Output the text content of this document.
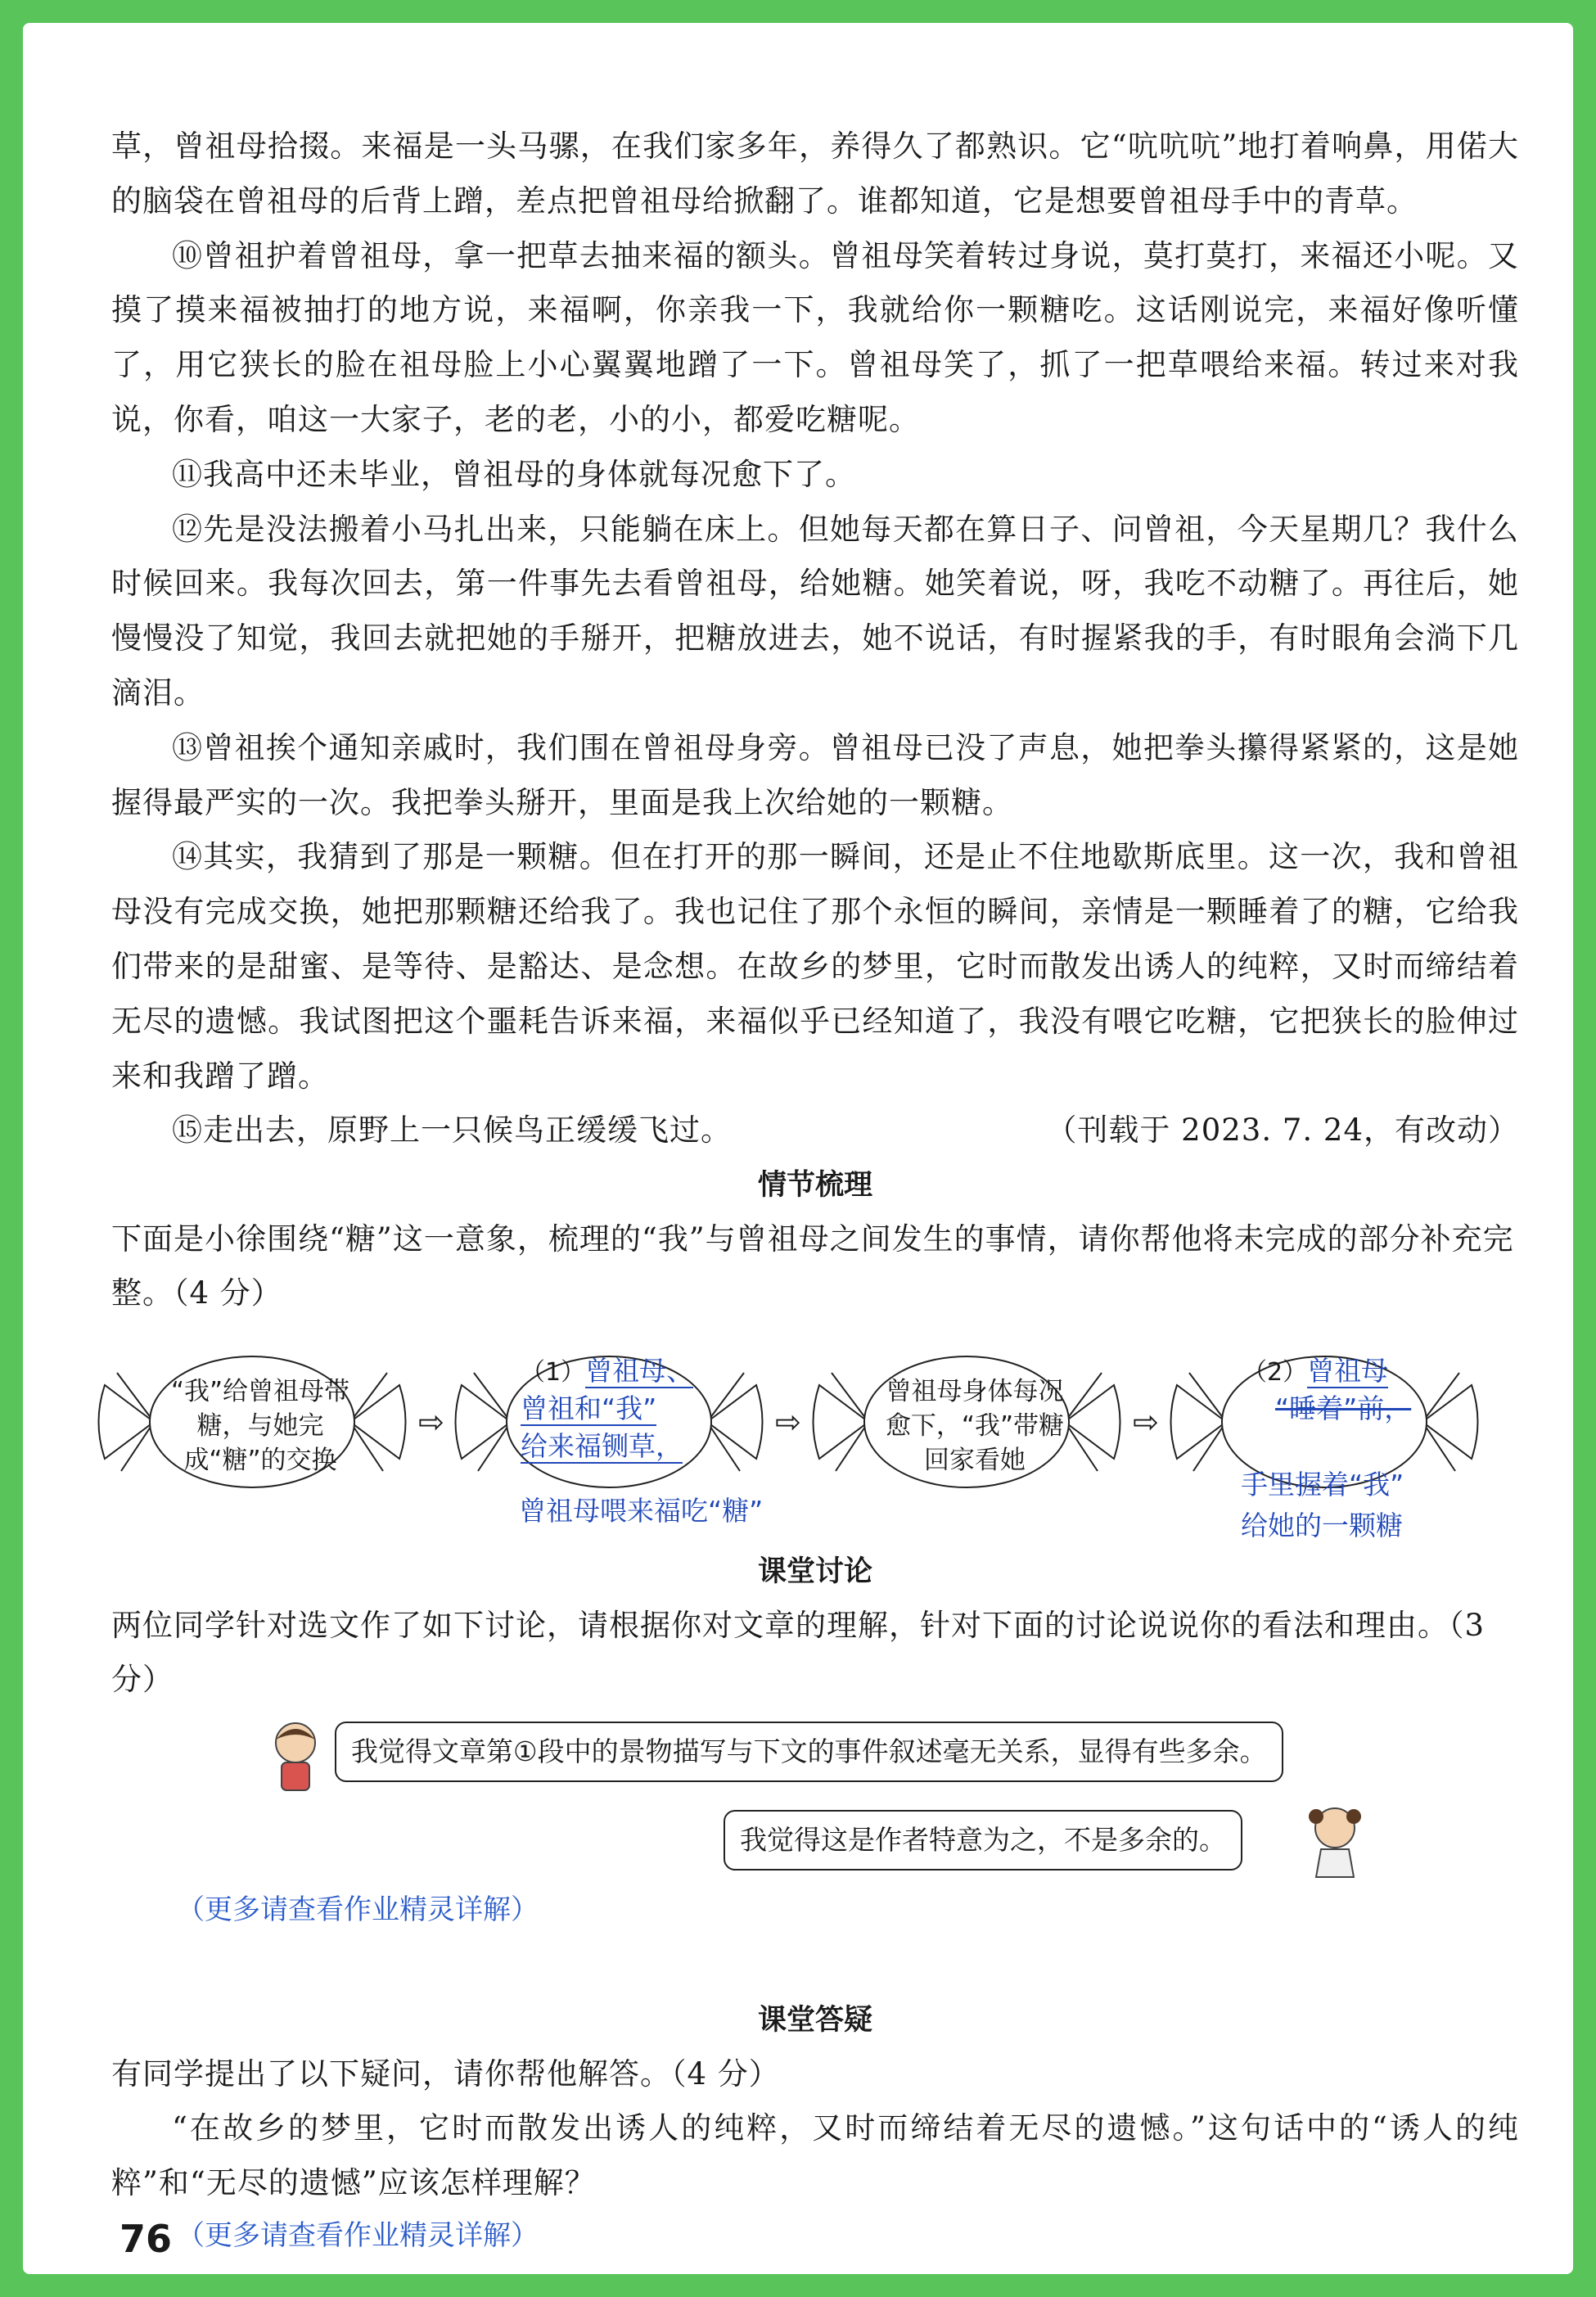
草，曾祖母拾掇。来福是一头马骡，在我们家多年，养得久了都熟识。它“吭吭吭”地打着响鼻，用偌大的脑袋在曾祖母的后背上蹭，差点把曾祖母给掀翻了。谁都知道，它是想要曾祖母手中的青草。

⑩曾祖护着曾祖母，拿一把草去抽来福的额头。曾祖母笑着转过身说，莫打莫打，来福还小呢。又摸了摸来福被抽打的地方说，来福啊，你亲我一下，我就给你一颗糖吃。这话刚说完，来福好像听懂了，用它狭长的脸在祖母脸上小心翼翼地蹭了一下。曾祖母笑了，抓了一把草喂给来福。转过来对我说，你看，咱这一大家子，老的老，小的小，都爱吃糖呢。

⑪我高中还未毕业，曾祖母的身体就每况愈下了。

⑫先是没法搬着小马扎出来，只能躺在床上。但她每天都在算日子、问曾祖，今天星期几？我什么时候回来。我每次回去，第一件事先去看曾祖母，给她糖。她笑着说，呀，我吃不动糖了。再往后，她慢慢没了知觉，我回去就把她的手掰开，把糖放进去，她不说话，有时握紧我的手，有时眼角会淌下几滴泪。

⑬曾祖挨个通知亲戚时，我们围在曾祖母身旁。曾祖母已没了声息，她把拳头攥得紧紧的，这是她握得最严实的一次。我把拳头掰开，里面是我上次给她的一颗糖。

⑭其实，我猜到了那是一颗糖。但在打开的那一瞬间，还是止不住地歇斯底里。这一次，我和曾祖母没有完成交换，她把那颗糖还给我了。我也记住了那个永恒的瞬间，亲情是一颗睡着了的糖，它给我们带来的是甜蜜、是等待、是豁达、是念想。在故乡的梦里，它时而散发出诱人的纯粹，又时而缔结着无尽的遗憾。我试图把这个噩耗告诉来福，来福似乎已经知道了，我没有喂它吃糖，它把狭长的脸伸过来和我蹭了蹭。

⑮走出去，原野上一只候鸟正缓缓飞过。	（刊载于 2023. 7. 24，有改动）

情节梳理

下面是小徐围绕“糖”这一意象，梳理的“我”与曾祖母之间发生的事情，请你帮他将未完成的部分补充完整。（4 分）

“我”给曾祖母带糖，与她完成“糖”的交换
⇨
（1）曾祖母、
曾祖和“我”
给来福铡草，
曾祖母喂来福吃“糖”
⇨
曾祖母身体每况愈下，“我”带糖回家看她
⇨
（2）曾祖母
“睡着”前，
手里握着“我”
给她的一颗糖

课堂讨论

两位同学针对选文作了如下讨论，请根据你对文章的理解，针对下面的讨论说说你的看法和理由。（3 分）

我觉得文章第①段中的景物描写与下文的事件叙述毫无关系，显得有些多余。
我觉得这是作者特意为之，不是多余的。
（更多请查看作业精灵详解）

课堂答疑

有同学提出了以下疑问，请你帮他解答。（4 分）

“在故乡的梦里，它时而散发出诱人的纯粹，又时而缔结着无尽的遗憾。”这句话中的“诱人的纯粹”和“无尽的遗憾”应该怎样理解？

（更多请查看作业精灵详解）
76
